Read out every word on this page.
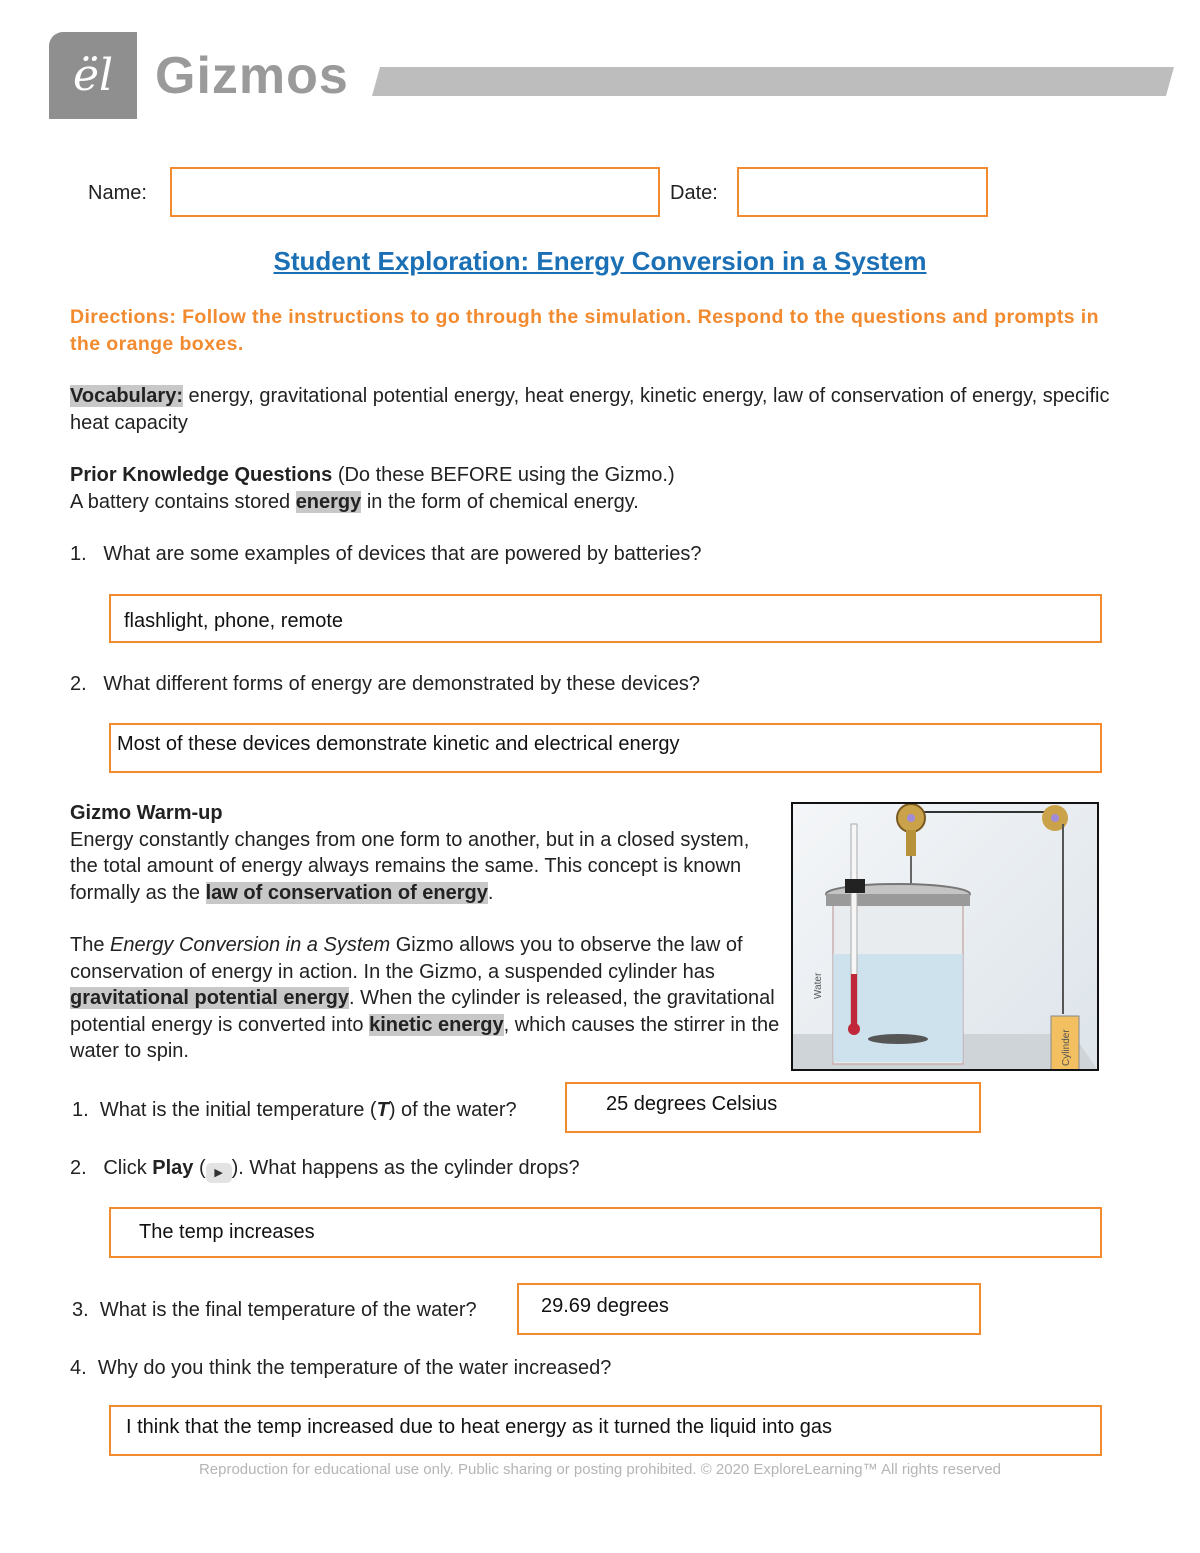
ël Gizmos
Name:	Date:
Student Exploration: Energy Conversion in a System
Directions: Follow the instructions to go through the simulation. Respond to the questions and prompts in the orange boxes.
Vocabulary: energy, gravitational potential energy, heat energy, kinetic energy, law of conservation of energy, specific heat capacity
Prior Knowledge Questions (Do these BEFORE using the Gizmo.)
A battery contains stored energy in the form of chemical energy.
1. What are some examples of devices that are powered by batteries?
flashlight, phone, remote
2. What different forms of energy are demonstrated by these devices?
Most of these devices demonstrate kinetic and electrical energy
Gizmo Warm-up
Energy constantly changes from one form to another, but in a closed system, the total amount of energy always remains the same. This concept is known formally as the law of conservation of energy.
The Energy Conversion in a System Gizmo allows you to observe the law of conservation of energy in action. In the Gizmo, a suspended cylinder has gravitational potential energy. When the cylinder is released, the gravitational potential energy is converted into kinetic energy, which causes the stirrer in the water to spin.	Cylinder
Water
1. What is the initial temperature (T) of the water?	25 degrees Celsius
2. Click Play ( ▶ ). What happens as the cylinder drops?
The temp increases
3. What is the final temperature of the water?	29.69 degrees
4. Why do you think the temperature of the water increased?
I think that the temp increased due to heat energy as it turned the liquid into gas
Reproduction for educational use only. Public sharing or posting prohibited. © 2020 ExploreLearning™ All rights reserved
